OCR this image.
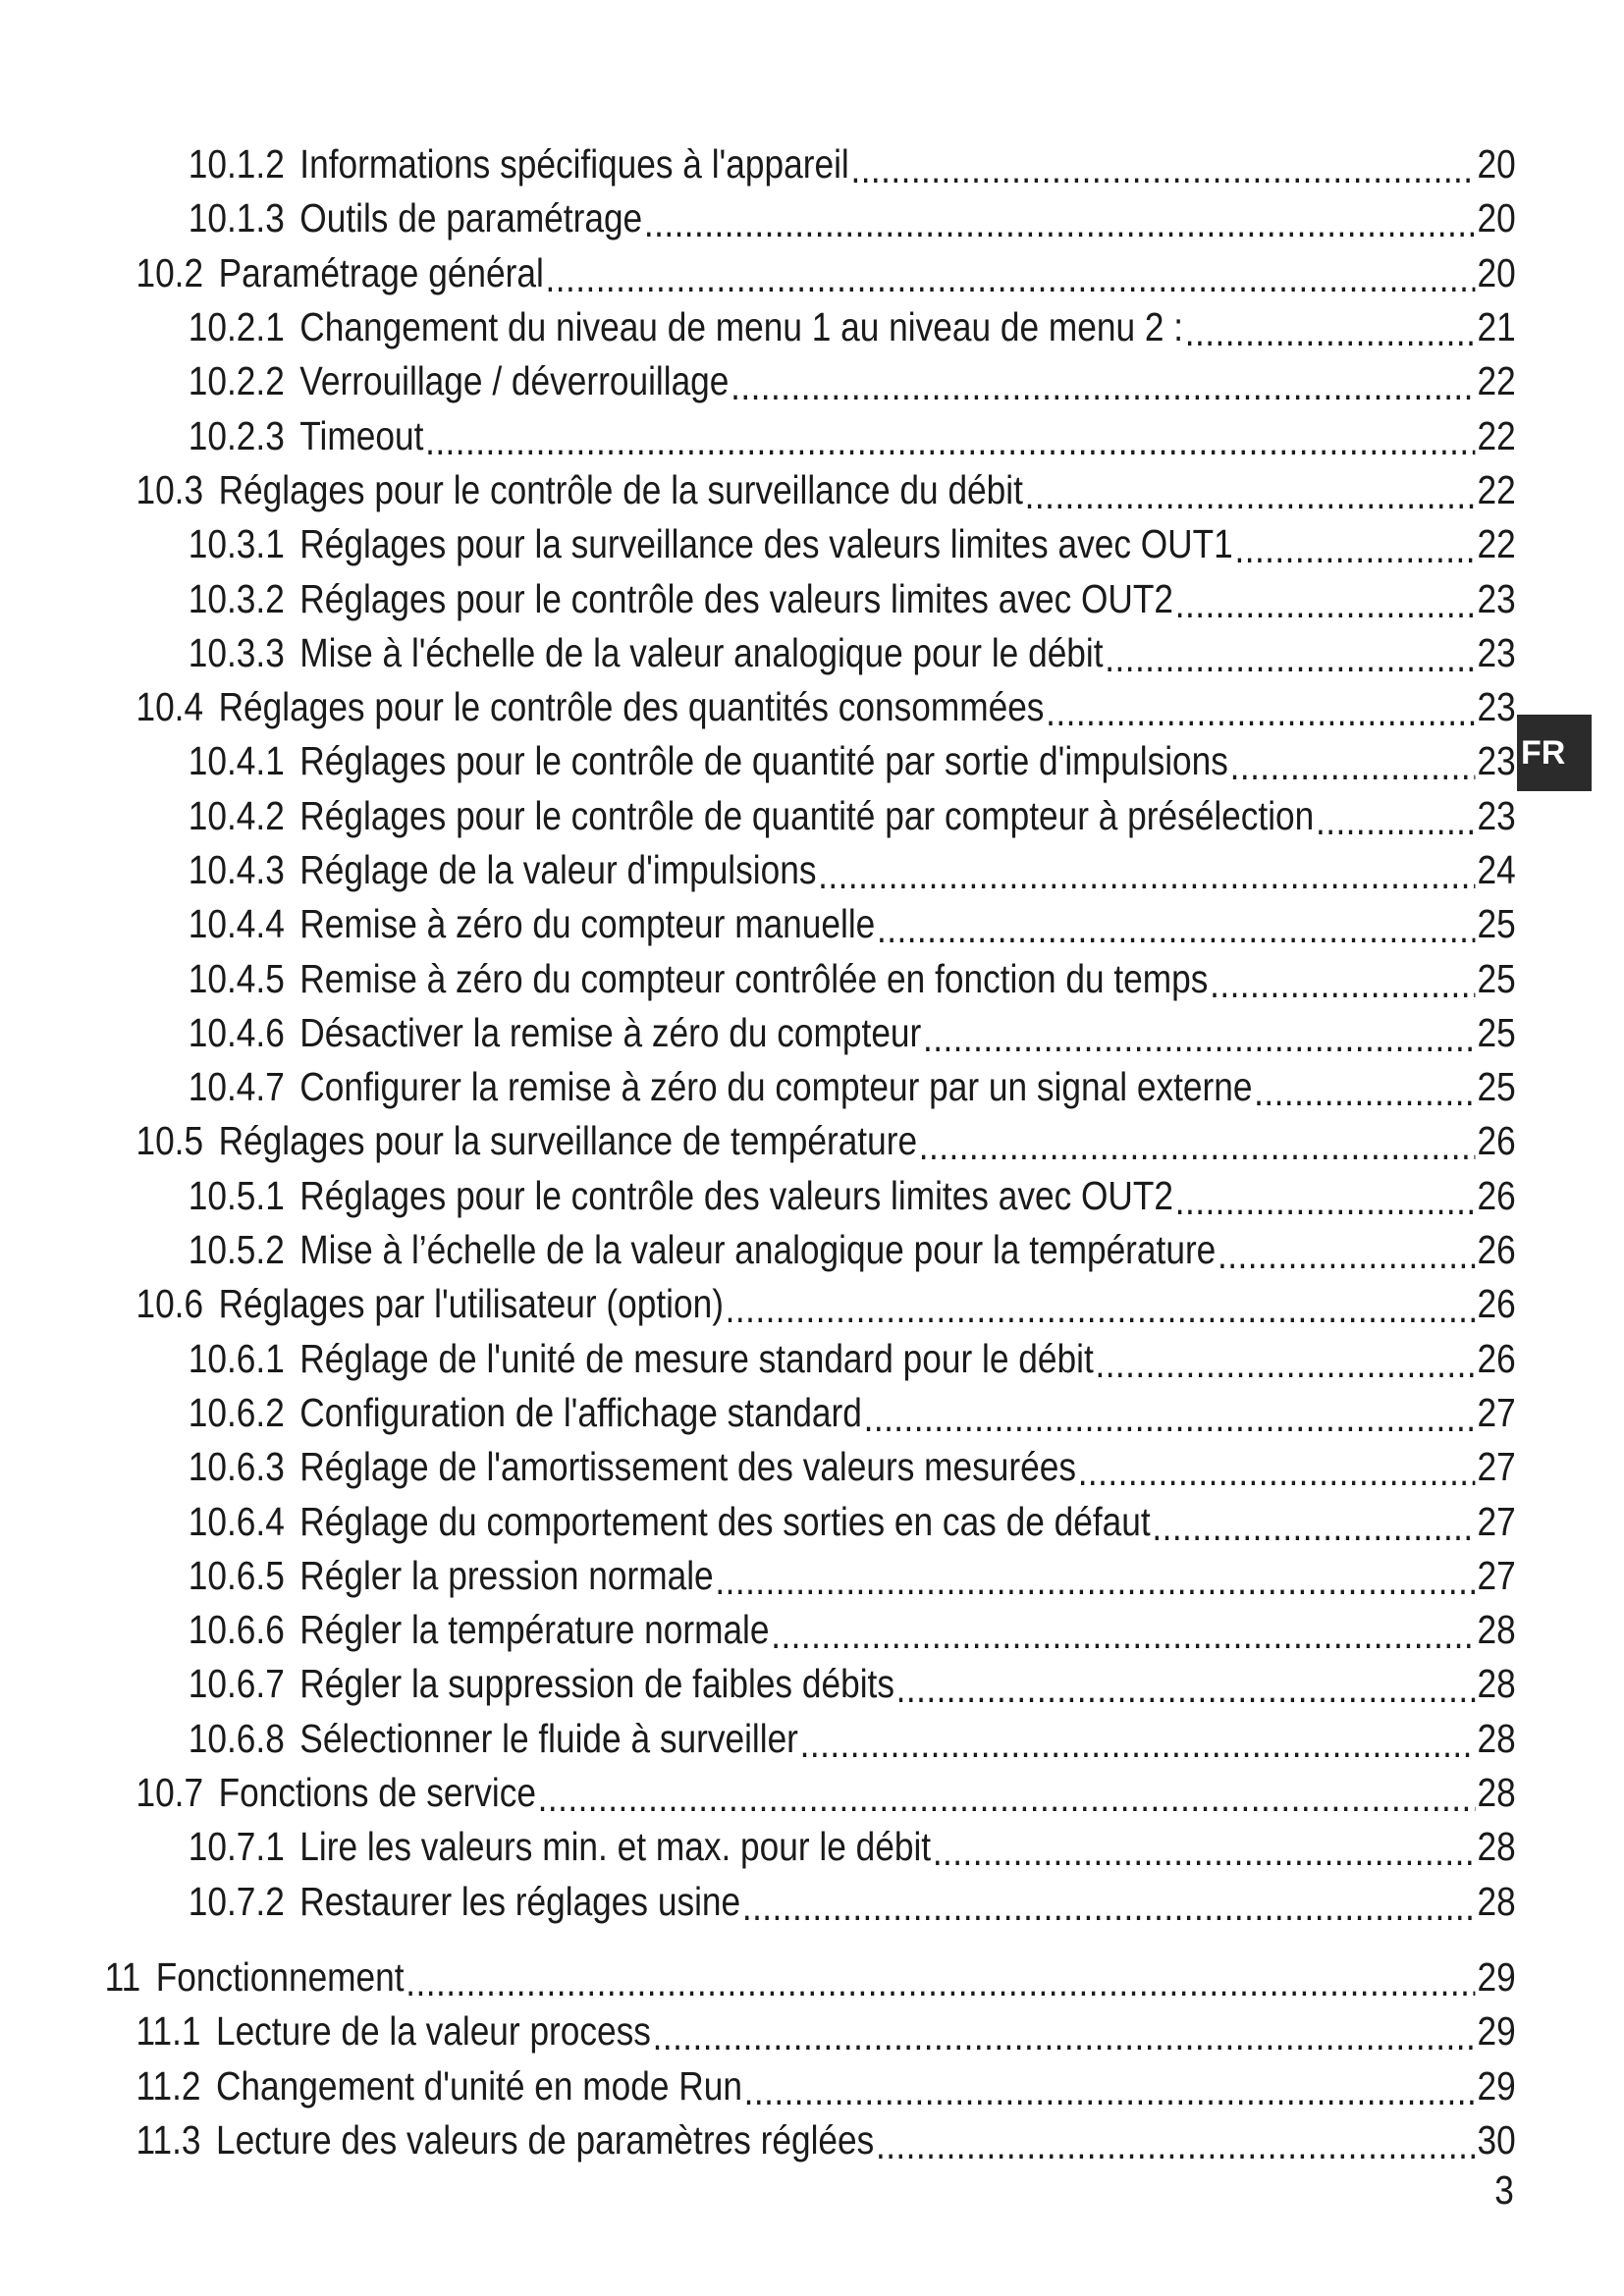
10.1.2 Informations spécifiques à l'appareil .....	20
10.1.3 Outils de paramétrage .....	20
10.2 Paramétrage général .....	20
10.2.1 Changement du niveau de menu 1 au niveau de menu 2 : .....	21
10.2.2 Verrouillage / déverrouillage .....	22
10.2.3 Timeout .....	22
10.3 Réglages pour le contrôle de la surveillance du débit .....	22
10.3.1 Réglages pour la surveillance des valeurs limites avec OUT1 .....	22
10.3.2 Réglages pour le contrôle des valeurs limites avec OUT2 .....	23
10.3.3 Mise à l'échelle de la valeur analogique pour le débit .....	23
10.4 Réglages pour le contrôle des quantités consommées .....	23
10.4.1 Réglages pour le contrôle de quantité par sortie d'impulsions .....	23
10.4.2 Réglages pour le contrôle de quantité par compteur à présélection .....	23
10.4.3 Réglage de la valeur d'impulsions .....	24
10.4.4 Remise à zéro du compteur manuelle .....	25
10.4.5 Remise à zéro du compteur contrôlée en fonction du temps .....	25
10.4.6 Désactiver la remise à zéro du compteur .....	25
10.4.7 Configurer la remise à zéro du compteur par un signal externe .....	25
10.5 Réglages pour la surveillance de température .....	26
10.5.1 Réglages pour le contrôle des valeurs limites avec OUT2 .....	26
10.5.2 Mise à l’échelle de la valeur analogique pour la température .....	26
10.6 Réglages par l'utilisateur (option) .....	26
10.6.1 Réglage de l'unité de mesure standard pour le débit .....	26
10.6.2 Configuration de l'affichage standard .....	27
10.6.3 Réglage de l'amortissement des valeurs mesurées .....	27
10.6.4 Réglage du comportement des sorties en cas de défaut .....	27
10.6.5 Régler la pression normale .....	27
10.6.6 Régler la température normale .....	28
10.6.7 Régler la suppression de faibles débits .....	28
10.6.8 Sélectionner le fluide à surveiller .....	28
10.7 Fonctions de service .....	28
10.7.1 Lire les valeurs min. et max. pour le débit .....	28
10.7.2 Restaurer les réglages usine .....	28
11 Fonctionnement .....	29
11.1 Lecture de la valeur process .....	29
11.2 Changement d'unité en mode Run .....	29
11.3 Lecture des valeurs de paramètres réglées .....	30
FR
3
